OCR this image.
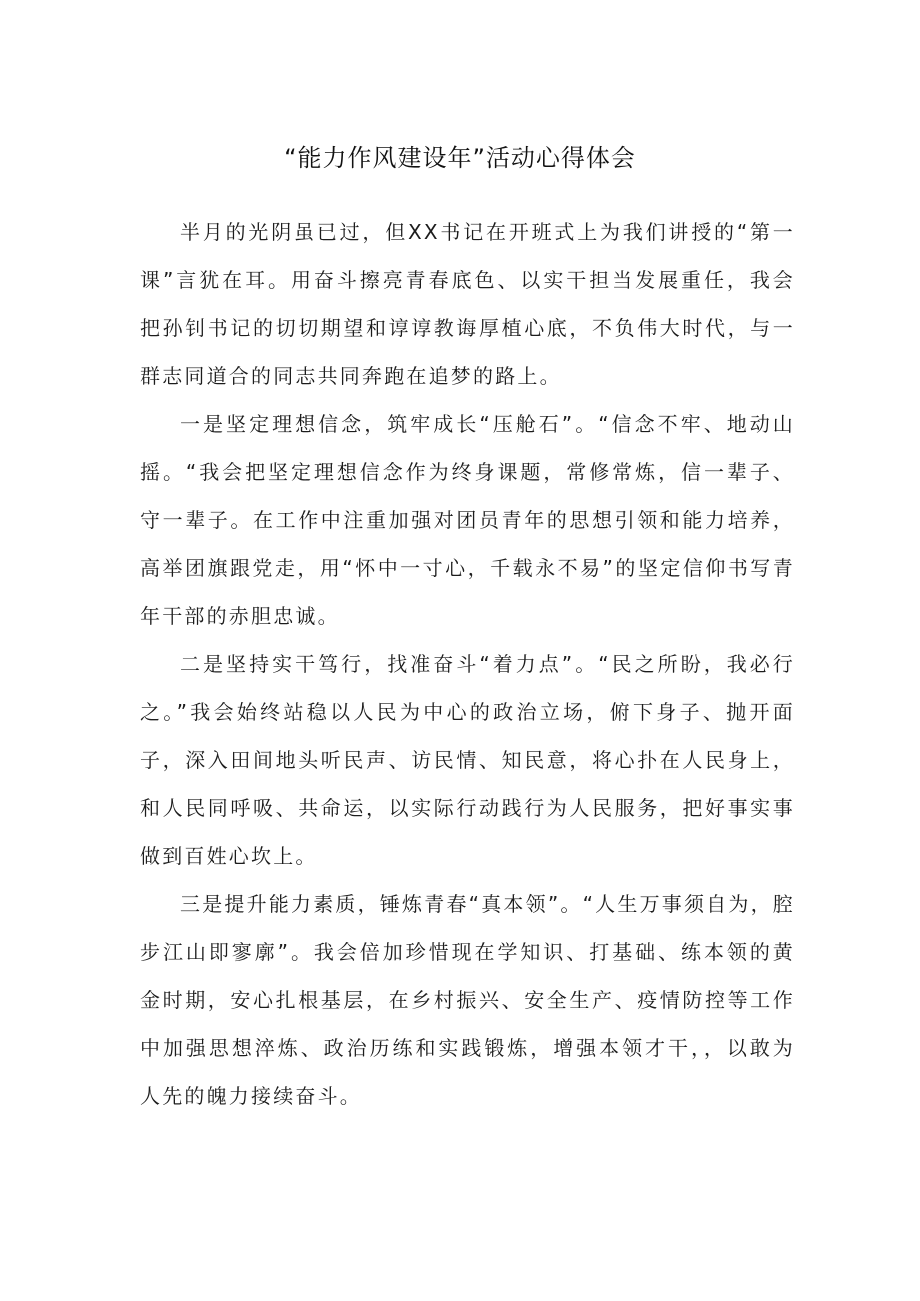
“能力作风建设年”活动心得体会

半月的光阴虽已过，但XX书记在开班式上为我们讲授的“第一课”言犹在耳。用奋斗擦亮青春底色、以实干担当发展重任，我会把孙钊书记的切切期望和谆谆教诲厚植心底，不负伟大时代，与一群志同道合的同志共同奔跑在追梦的路上。

一是坚定理想信念，筑牢成长“压舱石”。“信念不牢、地动山摇。“我会把坚定理想信念作为终身课题，常修常炼，信一辈子、守一辈子。在工作中注重加强对团员青年的思想引领和能力培养，高举团旗跟党走，用“怀中一寸心，千载永不易”的坚定信仰书写青年干部的赤胆忠诚。

二是坚持实干笃行，找准奋斗“着力点”。“民之所盼，我必行之。”我会始终站稳以人民为中心的政治立场，俯下身子、抛开面子，深入田间地头听民声、访民情、知民意，将心扑在人民身上，和人民同呼吸、共命运，以实际行动践行为人民服务，把好事实事做到百姓心坎上。

三是提升能力素质，锤炼青春“真本领”。“人生万事须自为，腔步江山即寥廓”。我会倍加珍惜现在学知识、打基础、练本领的黄金时期，安心扎根基层，在乡村振兴、安全生产、疫情防控等工作中加强思想淬炼、政治历练和实践锻炼，增强本领才干，，以敢为人先的魄力接续奋斗。
